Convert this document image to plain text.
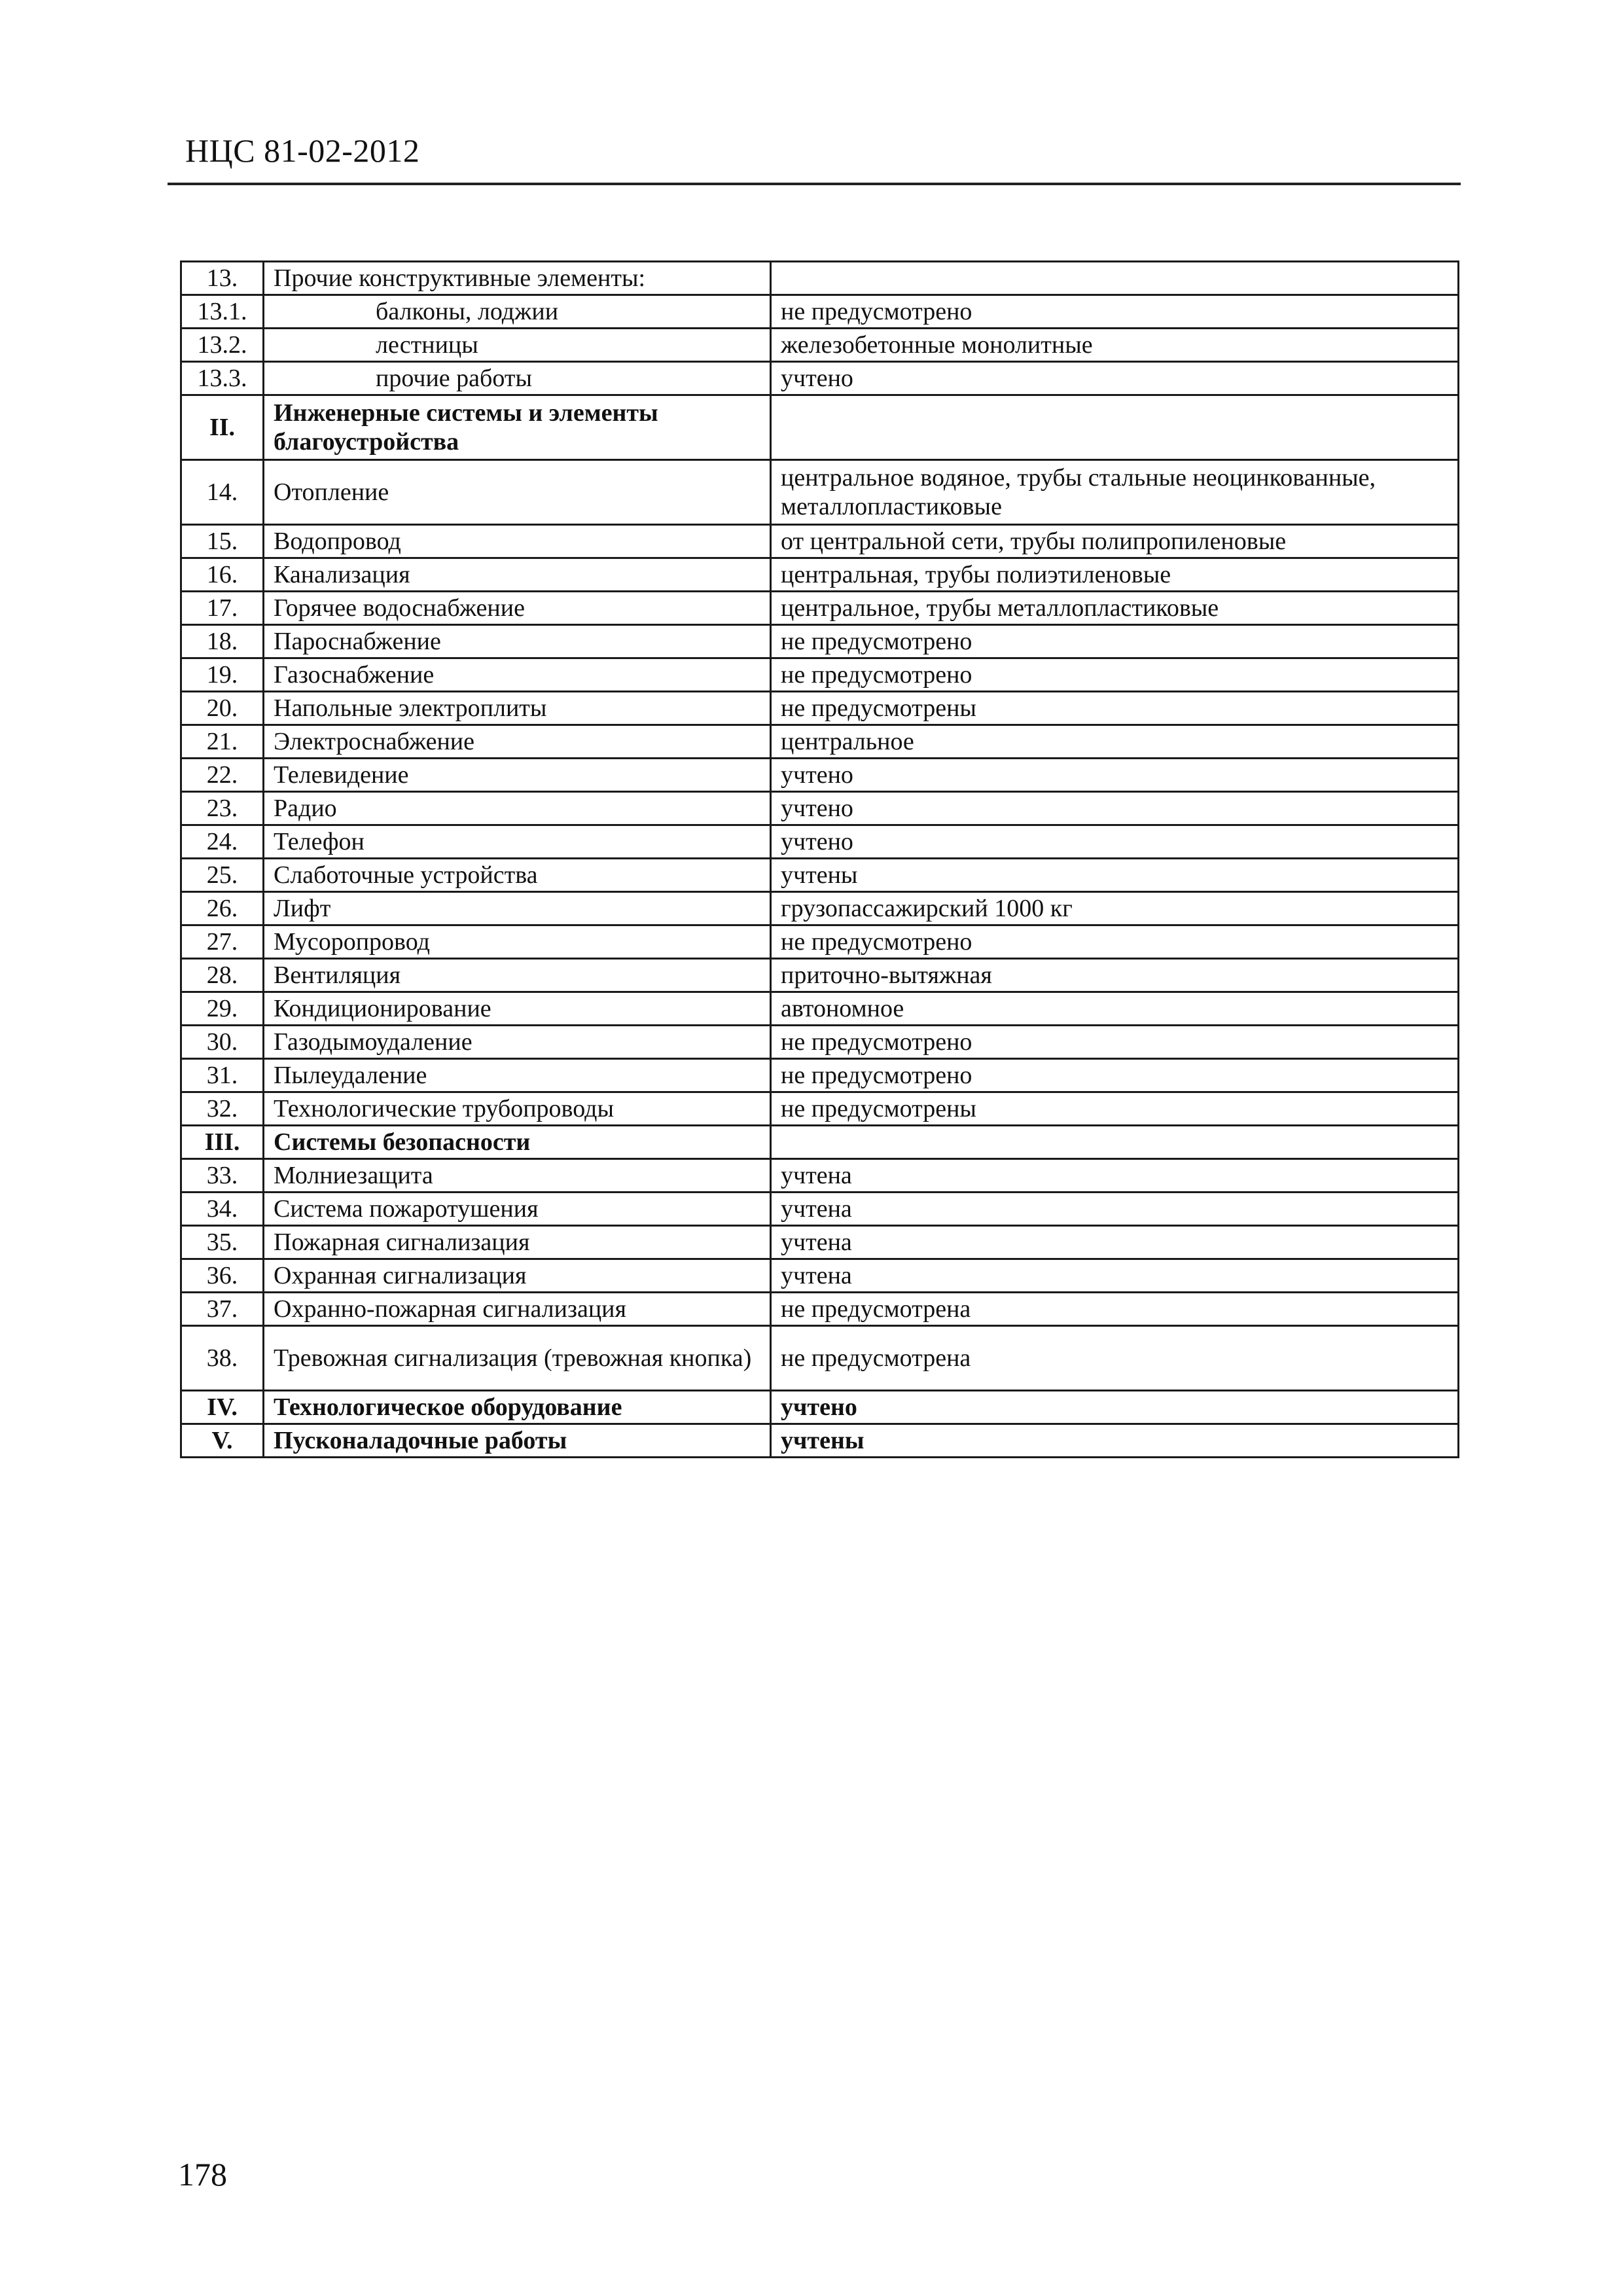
НЦС 81-02-2012
13.	Прочие конструктивные элементы:	
13.1.	балконы, лоджии	не предусмотрено
13.2.	лестницы	железобетонные монолитные
13.3.	прочие работы	учтено
II.	Инженерные системы и элементы благоустройства	
14.	Отопление	центральное водяное, трубы стальные неоцинкованные, металлопластиковые
15.	Водопровод	от центральной сети, трубы полипропиленовые
16.	Канализация	центральная, трубы полиэтиленовые
17.	Горячее водоснабжение	центральное, трубы металлопластиковые
18.	Пароснабжение	не предусмотрено
19.	Газоснабжение	не предусмотрено
20.	Напольные электроплиты	не предусмотрены
21.	Электроснабжение	центральное
22.	Телевидение	учтено
23.	Радио	учтено
24.	Телефон	учтено
25.	Слаботочные устройства	учтены
26.	Лифт	грузопассажирский 1000 кг
27.	Мусоропровод	не предусмотрено
28.	Вентиляция	приточно-вытяжная
29.	Кондиционирование	автономное
30.	Газодымоудаление	не предусмотрено
31.	Пылеудаление	не предусмотрено
32.	Технологические трубопроводы	не предусмотрены
III.	Системы безопасности	
33.	Молниезащита	учтена
34.	Система пожаротушения	учтена
35.	Пожарная сигнализация	учтена
36.	Охранная сигнализация	учтена
37.	Охранно-пожарная сигнализация	не предусмотрена
38.	Тревожная сигнализация (тревожная кнопка)	не предусмотрена
IV.	Технологическое оборудование	учтено
V.	Пусконаладочные работы	учтены
178
